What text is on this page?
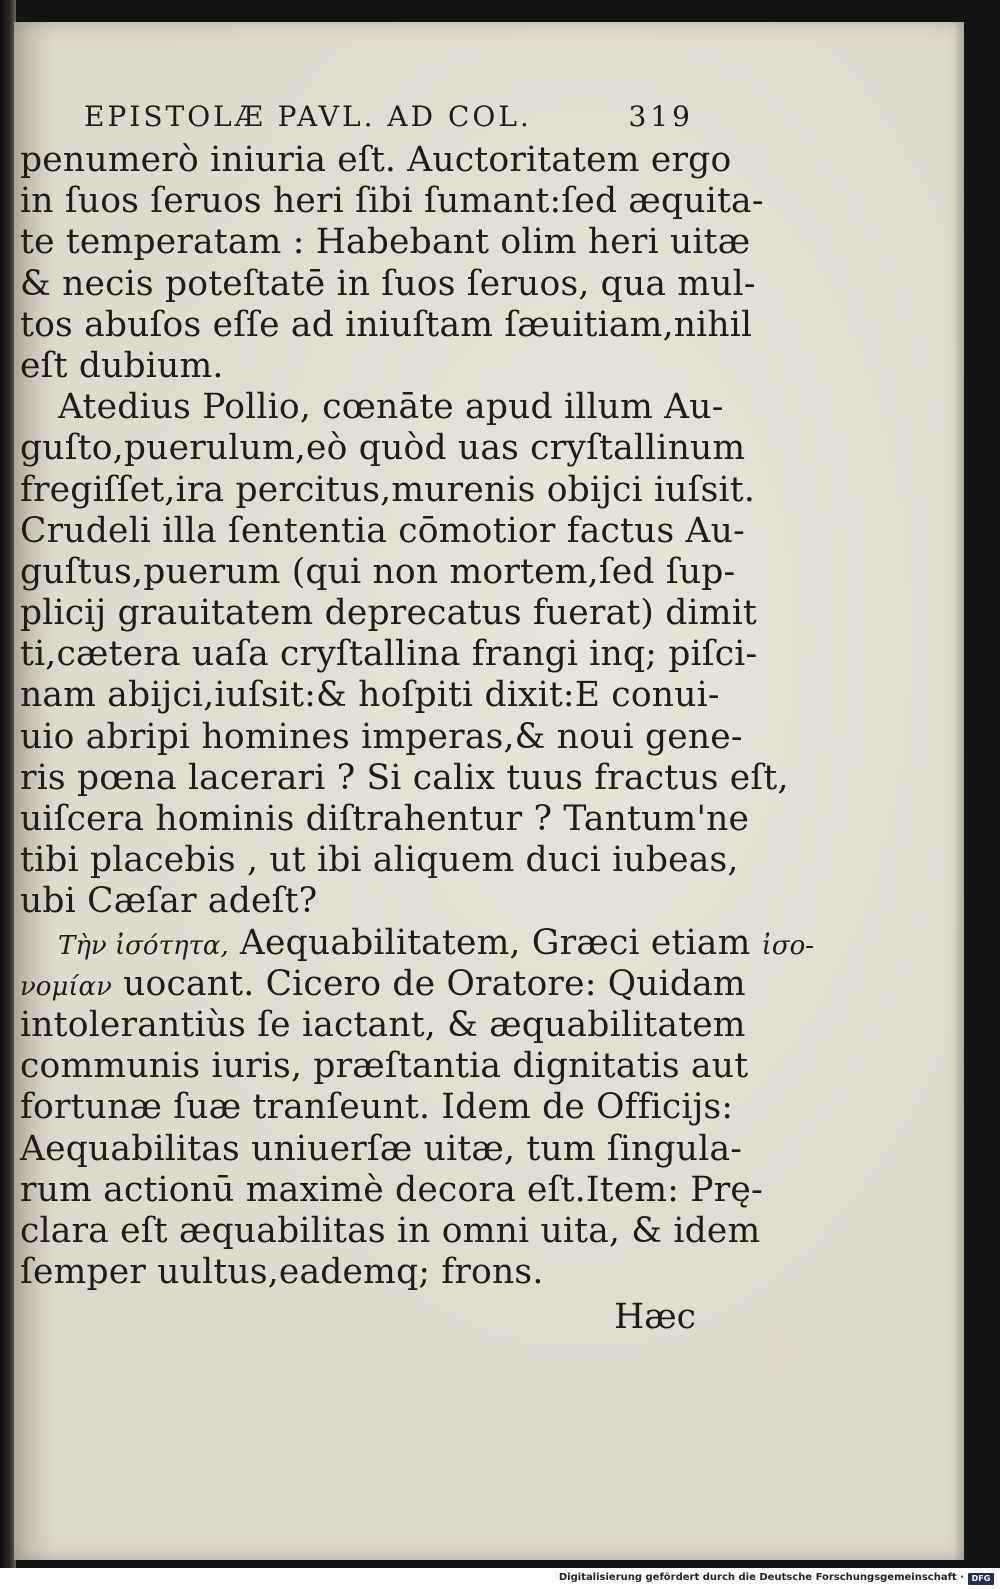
EPISTOLÆ PAVL. AD COL.	319
penumerò iniuria eſt. Auctoritatem ergo
in ſuos ſeruos heri ſibi ſumant:ſed æquita-
te temperatam : Habebant olim heri uitæ
& necis poteſtatē in ſuos ſeruos, qua mul-
tos abuſos eſſe ad iniuſtam ſæuitiam,nihil
eſt dubium.
Atedius Pollio, cœnāte apud illum Au-
guſto,puerulum,eò quòd uas cryſtallinum
fregiſſet,ira percitus,murenis obijci iuſsit.
Crudeli illa ſententia cōmotior factus Au-
guſtus,puerum (qui non mortem,ſed ſup-
plicij grauitatem deprecatus fuerat) dimit
ti,cætera uaſa cryſtallina frangi inq; piſci-
nam abijci,iuſsit:& hoſpiti dixit:E conui-
uio abripi homines imperas,& noui gene-
ris pœna lacerari ? Si calix tuus fractus eſt,
uiſcera hominis diſtrahentur ? Tantum'ne
tibi placebis , ut ibi aliquem duci iubeas,
ubi Cæſar adeſt?
Τὴν ἰσότητα, Aequabilitatem, Græci etiam ἰσο-
νομίαν uocant. Cicero de Oratore: Quidam
intolerantiùs ſe iactant, & æquabilitatem
communis iuris, præſtantia dignitatis aut
fortunæ ſuæ tranſeunt. Idem de Officijs:
Aequabilitas uniuerſæ uitæ, tum ſingula-
rum actionū maximè decora eſt.Item: Prę-
clara eſt æquabilitas in omni uita, & idem
ſemper uultus,eademq; frons.
Hæc
Digitalisierung gefördert durch die Deutsche Forschungsgemeinschaft · DFG
